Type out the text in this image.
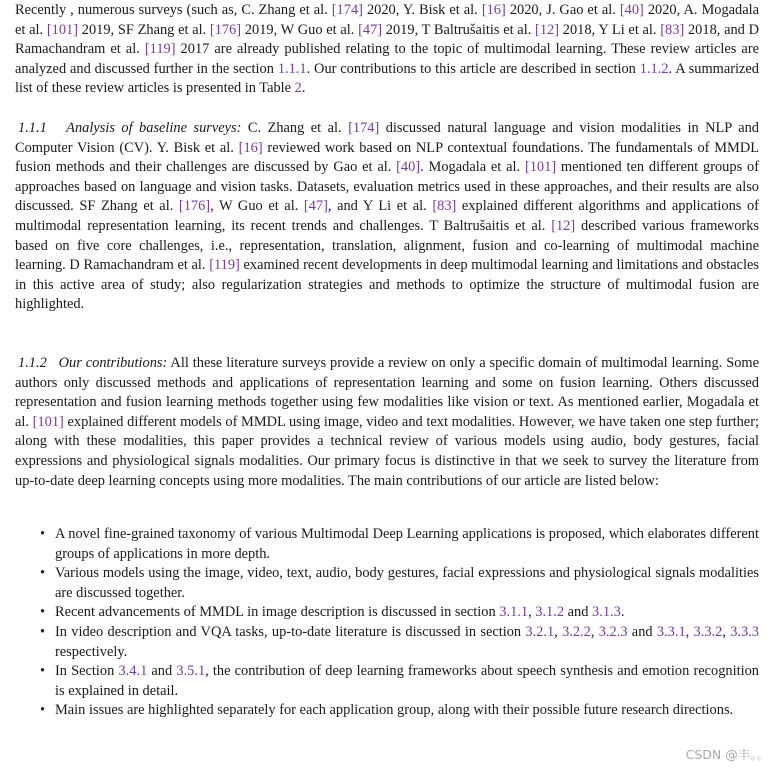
Recently , numerous surveys (such as, C. Zhang et al. [174] 2020, Y. Bisk et al. [16] 2020, J. Gao et al. [40] 2020, A. Mogadala et al. [101] 2019, SF Zhang et al. [176] 2019, W Guo et al. [47] 2019, T Baltrušaitis et al. [12] 2018, Y Li et al. [83] 2018, and D Ramachandram et al. [119] 2017 are already published relating to the topic of multimodal learning. These review articles are analyzed and discussed further in the section 1.1.1. Our contributions to this article are described in section 1.1.2. A summarized list of these review articles is presented in Table 2.

1.1.1 Analysis of baseline surveys: C. Zhang et al. [174] discussed natural language and vision modalities in NLP and Computer Vision (CV). Y. Bisk et al. [16] reviewed work based on NLP contextual foundations. The fundamentals of MMDL fusion methods and their challenges are discussed by Gao et al. [40]. Mogadala et al. [101] mentioned ten different groups of approaches based on language and vision tasks. Datasets, evaluation metrics used in these approaches, and their results are also discussed. SF Zhang et al. [176], W Guo et al. [47], and Y Li et al. [83] explained different algorithms and applications of multimodal representation learning, its recent trends and challenges. T Baltrušaitis et al. [12] described various frameworks based on five core challenges, i.e., representation, translation, alignment, fusion and co-learning of multimodal machine learning. D Ramachandram et al. [119] examined recent developments in deep multimodal learning and limitations and obstacles in this active area of study; also regularization strategies and methods to optimize the structure of multimodal fusion are highlighted.

1.1.2 Our contributions: All these literature surveys provide a review on only a specific domain of multimodal learning. Some authors only discussed methods and applications of representation learning and some on fusion learning. Others discussed representation and fusion learning methods together using few modalities like vision or text. As mentioned earlier, Mogadala et al. [101] explained different models of MMDL using image, video and text modalities. However, we have taken one step further; along with these modalities, this paper provides a technical review of various models using audio, body gestures, facial expressions and physiological signals modalities. Our primary focus is distinctive in that we seek to survey the literature from up-to-date deep learning concepts using more modalities. The main contributions of our article are listed below:

• A novel fine-grained taxonomy of various Multimodal Deep Learning applications is proposed, which elaborates different groups of applications in more depth.
• Various models using the image, video, text, audio, body gestures, facial expressions and physiological signals modalities are discussed together.
• Recent advancements of MMDL in image description is discussed in section 3.1.1, 3.1.2 and 3.1.3.
• In video description and VQA tasks, up-to-date literature is discussed in section 3.2.1, 3.2.2, 3.2.3 and 3.3.1, 3.3.2, 3.3.3 respectively.
• In Section 3.4.1 and 3.5.1, the contribution of deep learning frameworks about speech synthesis and emotion recognition is explained in detail.
• Main issues are highlighted separately for each application group, along with their possible future research directions.
CSDN @丰。。
